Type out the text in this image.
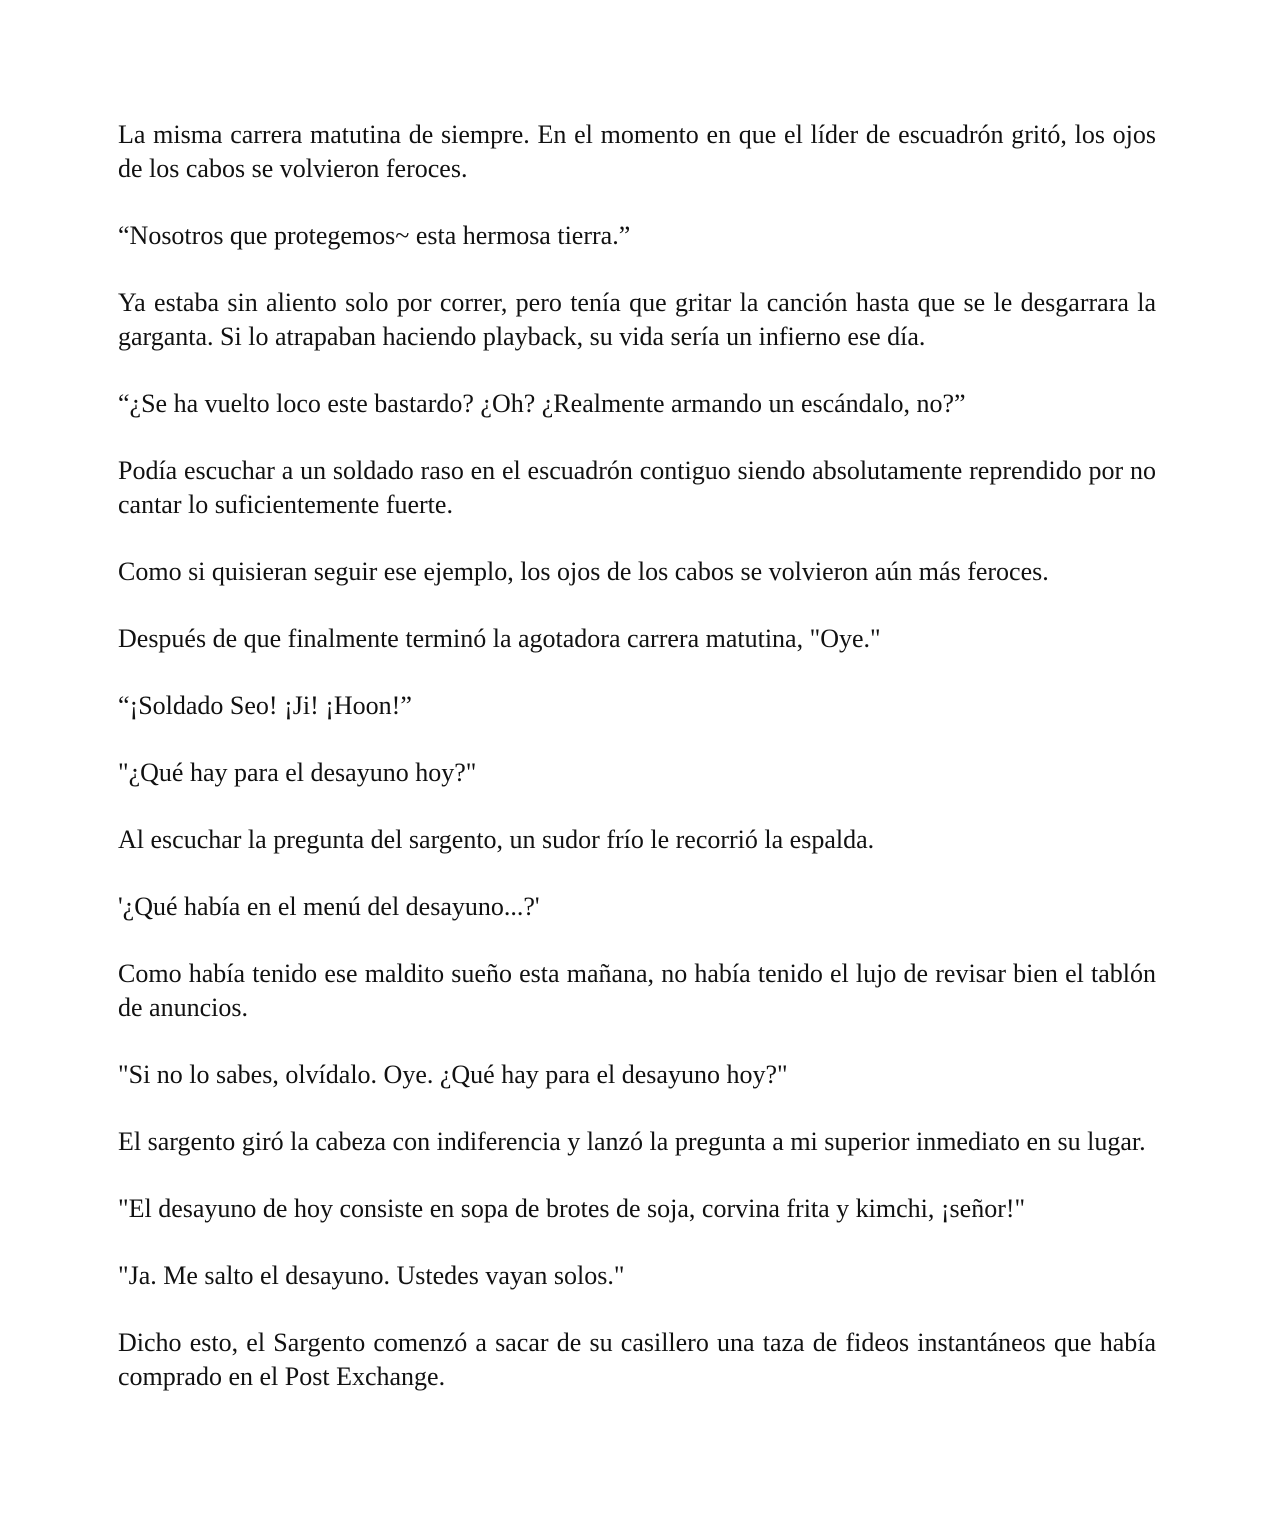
La misma carrera matutina de siempre. En el momento en que el líder de escuadrón gritó, los ojos de los cabos se volvieron feroces.

“Nosotros que protegemos~ esta hermosa tierra.”

Ya estaba sin aliento solo por correr, pero tenía que gritar la canción hasta que se le desgarrara la garganta. Si lo atrapaban haciendo playback, su vida sería un infierno ese día.

“¿Se ha vuelto loco este bastardo? ¿Oh? ¿Realmente armando un escándalo, no?”

Podía escuchar a un soldado raso en el escuadrón contiguo siendo absolutamente reprendido por no cantar lo suficientemente fuerte.

Como si quisieran seguir ese ejemplo, los ojos de los cabos se volvieron aún más feroces.

Después de que finalmente terminó la agotadora carrera matutina, "Oye."

“¡Soldado Seo! ¡Ji! ¡Hoon!”

"¿Qué hay para el desayuno hoy?"

Al escuchar la pregunta del sargento, un sudor frío le recorrió la espalda.

'¿Qué había en el menú del desayuno...?'

Como había tenido ese maldito sueño esta mañana, no había tenido el lujo de revisar bien el tablón de anuncios.

"Si no lo sabes, olvídalo. Oye. ¿Qué hay para el desayuno hoy?"

El sargento giró la cabeza con indiferencia y lanzó la pregunta a mi superior inmediato en su lugar.

"El desayuno de hoy consiste en sopa de brotes de soja, corvina frita y kimchi, ¡señor!"

"Ja. Me salto el desayuno. Ustedes vayan solos."

Dicho esto, el Sargento comenzó a sacar de su casillero una taza de fideos instantáneos que había comprado en el Post Exchange.
